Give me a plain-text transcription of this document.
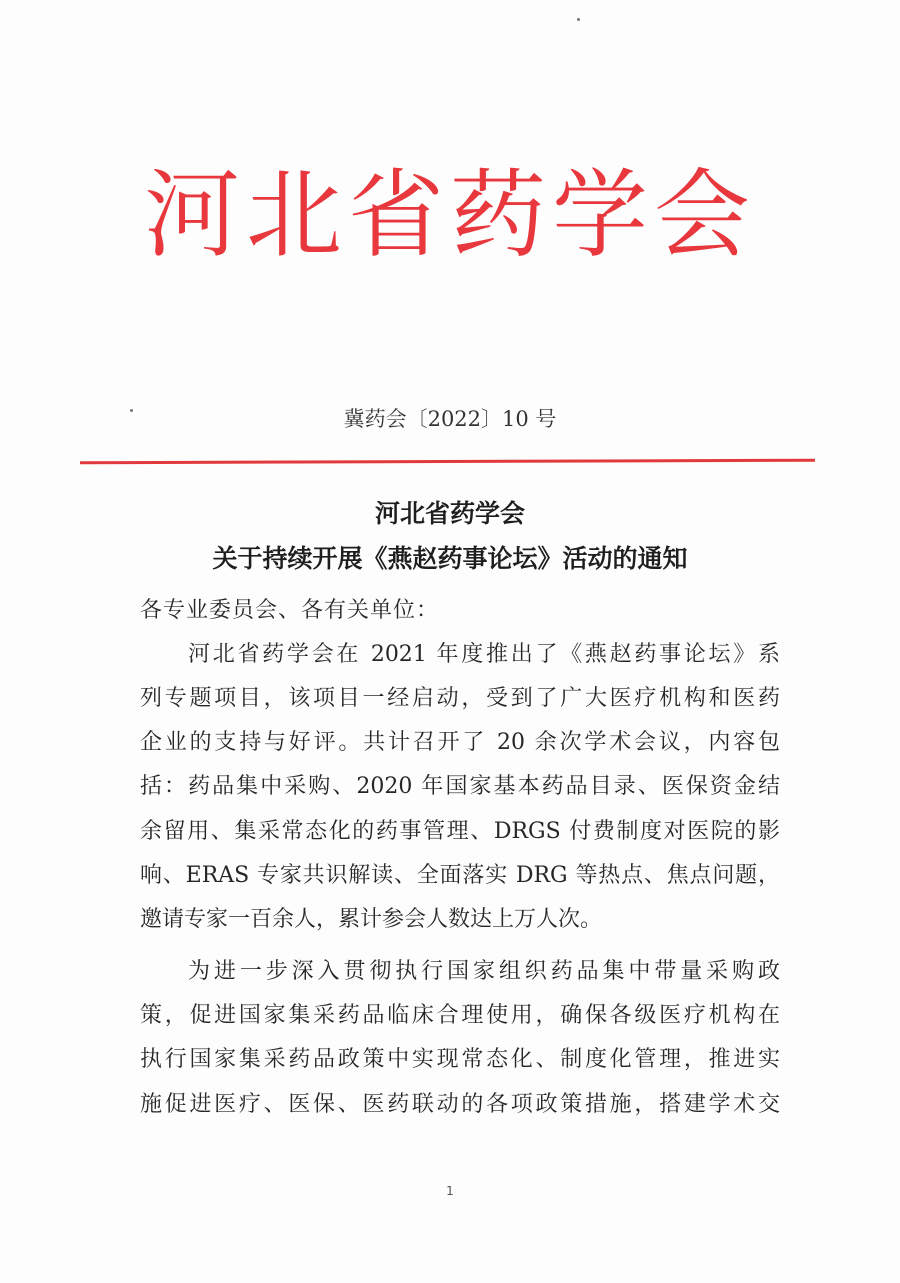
河北省药学会
冀药会〔2022〕10 号
河北省药学会
关于持续开展《燕赵药事论坛》活动的通知
各专业委员会、各有关单位：
河北省药学会在 2021 年度推出了《燕赵药事论坛》系
列专题项目，该项目一经启动，受到了广大医疗机构和医药
企业的支持与好评。共计召开了 20 余次学术会议，内容包
括：药品集中采购、2020 年国家基本药品目录、医保资金结
余留用、集采常态化的药事管理、DRGS 付费制度对医院的影
响、ERAS 专家共识解读、全面落实 DRG 等热点、焦点问题，
邀请专家一百余人，累计参会人数达上万人次。
为进一步深入贯彻执行国家组织药品集中带量采购政
策，促进国家集采药品临床合理使用，确保各级医疗机构在
执行国家集采药品政策中实现常态化、制度化管理，推进实
施促进医疗、医保、医药联动的各项政策措施，搭建学术交
1
